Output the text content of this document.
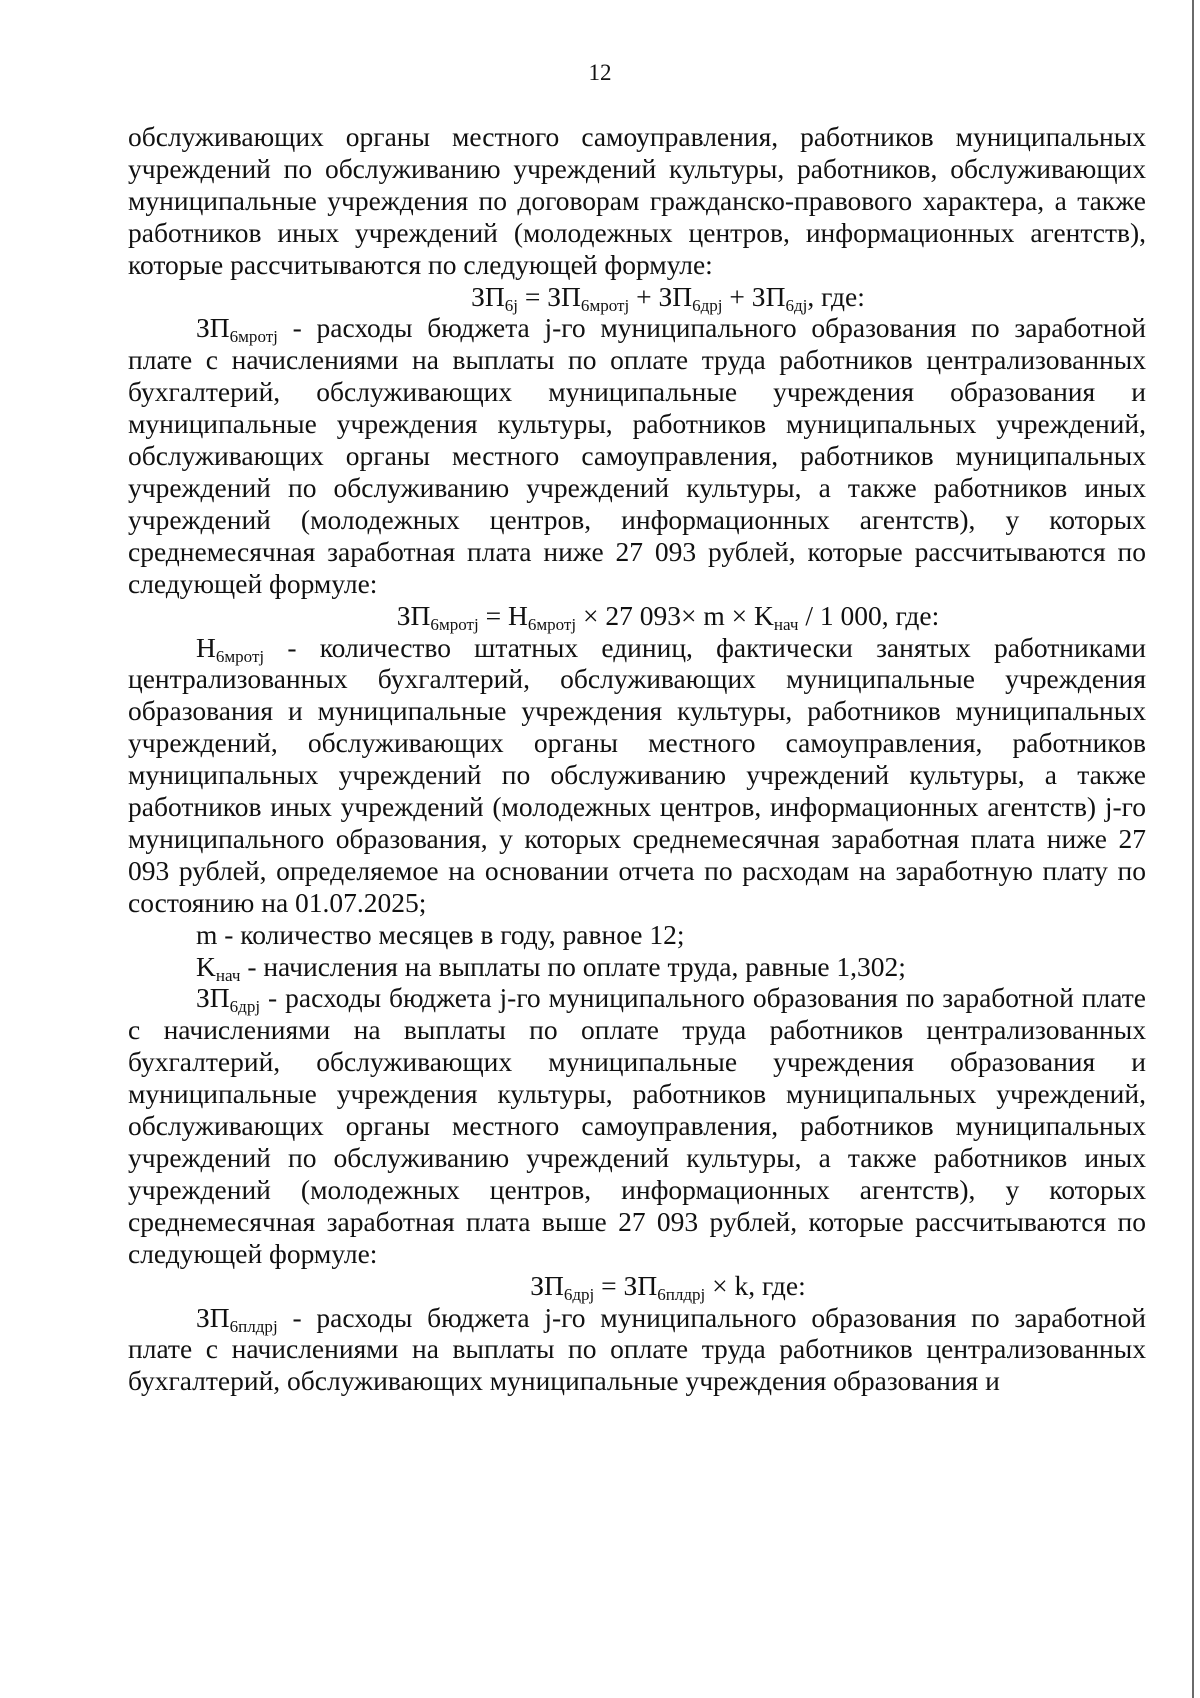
12

обслуживающих органы местного самоуправления, работников муниципальных учреждений по обслуживанию учреждений культуры, работников, обслуживающих муниципальные учреждения по договорам гражданско-правового характера, а также работников иных учреждений (молодежных центров, информационных агентств), которые рассчитываются по следующей формуле:

$ЗП_{6j} = ЗП_{6мротj} + ЗП_{6дрj} + ЗП_{6дj}$, где:

$ЗП_{6мротj}$ - расходы бюджета j-го муниципального образования по заработной плате с начислениями на выплаты по оплате труда работников централизованных бухгалтерий, обслуживающих муниципальные учреждения образования и муниципальные учреждения культуры, работников муниципальных учреждений, обслуживающих органы местного самоуправления, работников муниципальных учреждений по обслуживанию учреждений культуры, а также работников иных учреждений (молодежных центров, информационных агентств), у которых среднемесячная заработная плата ниже 27 093 рублей, которые рассчитываются по следующей формуле:

$ЗП_{6мротj} = Н_{6мротj} \times 27$ $093\times m \times K_{нач} / 1$ 000, где:

$Н_{6мротj}$ - количество штатных единиц, фактически занятых работниками централизованных бухгалтерий, обслуживающих муниципальные учреждения образования и муниципальные учреждения культуры, работников муниципальных учреждений, обслуживающих органы местного самоуправления, работников муниципальных учреждений по обслуживанию учреждений культуры, а также работников иных учреждений (молодежных центров, информационных агентств) j-го муниципального образования, у которых среднемесячная заработная плата ниже 27 093 рублей, определяемое на основании отчета по расходам на заработную плату по состоянию на 01.07.2025;

m - количество месяцев в году, равное 12;

$K_{нач}$ - начисления на выплаты по оплате труда, равные 1,302;

$ЗП_{6дрj}$ - расходы бюджета j-го муниципального образования по заработной плате с начислениями на выплаты по оплате труда работников централизованных бухгалтерий, обслуживающих муниципальные учреждения образования и муниципальные учреждения культуры, работников муниципальных учреждений, обслуживающих органы местного самоуправления, работников муниципальных учреждений по обслуживанию учреждений культуры, а также работников иных учреждений (молодежных центров, информационных агентств), у которых среднемесячная заработная плата выше 27 093 рублей, которые рассчитываются по следующей формуле:

$ЗП_{6дрj} = ЗП_{6плдрj} \times k$, где:

$ЗП_{6плдрj}$ - расходы бюджета j-го муниципального образования по заработной плате с начислениями на выплаты по оплате труда работников централизованных бухгалтерий, обслуживающих муниципальные учреждения образования и
